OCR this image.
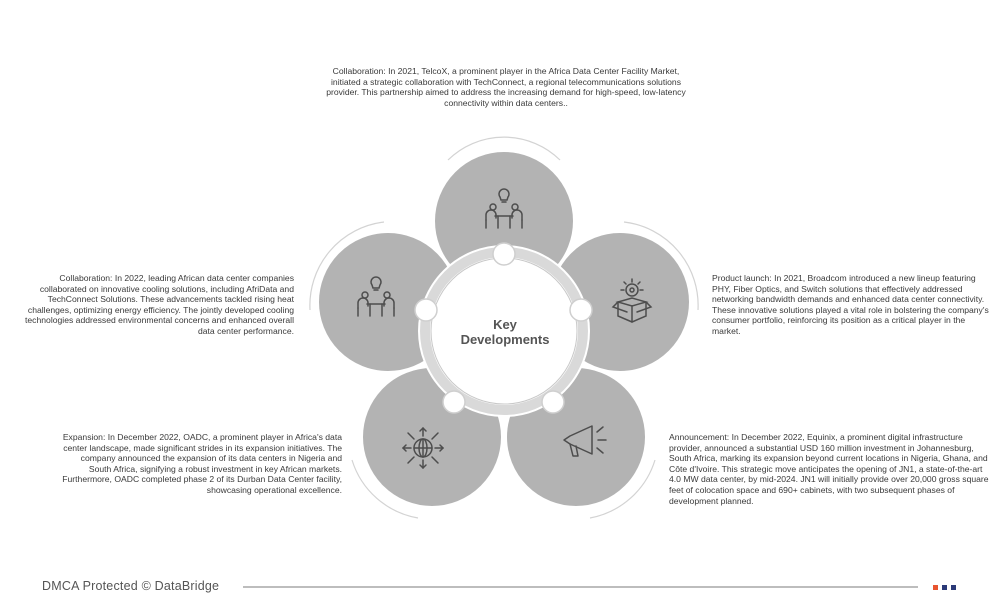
Collaboration: In 2021, TelcoX, a prominent player in the Africa Data Center Facility Market, initiated a strategic collaboration with TechConnect, a regional telecommunications solutions provider. This partnership aimed to address the increasing demand for high-speed, low-latency connectivity within data centers..

Collaboration: In 2022, leading African data center companies collaborated on innovative cooling solutions, including AfriData and TechConnect Solutions. These advancements tackled rising heat challenges, optimizing energy efficiency. The jointly developed cooling technologies addressed environmental concerns and enhanced overall data center performance.

Product launch: In 2021, Broadcom introduced a new lineup featuring PHY, Fiber Optics, and Switch solutions that effectively addressed networking bandwidth demands and enhanced data center connectivity. These innovative solutions played a vital role in bolstering the company's consumer portfolio, reinforcing its position as a critical player in the market.

Expansion: In December 2022, OADC, a prominent player in Africa's data center landscape, made significant strides in its expansion initiatives. The company announced the expansion of its data centers in Nigeria and South Africa, signifying a robust investment in key African markets. Furthermore, OADC completed phase 2 of its Durban Data Center facility, showcasing operational excellence.

Announcement: In December 2022, Equinix, a prominent digital infrastructure provider, announced a substantial USD 160 million investment in Johannesburg, South Africa, marking its expansion beyond current locations in Nigeria, Ghana, and Côte d'Ivoire. This strategic move anticipates the opening of JN1, a state-of-the-art 4.0 MW data center, by mid-2024. JN1 will initially provide over 20,000 gross square feet of colocation space and 690+ cabinets, with two subsequent phases of development planned.

Key
Developments
DMCA Protected © DataBridge
